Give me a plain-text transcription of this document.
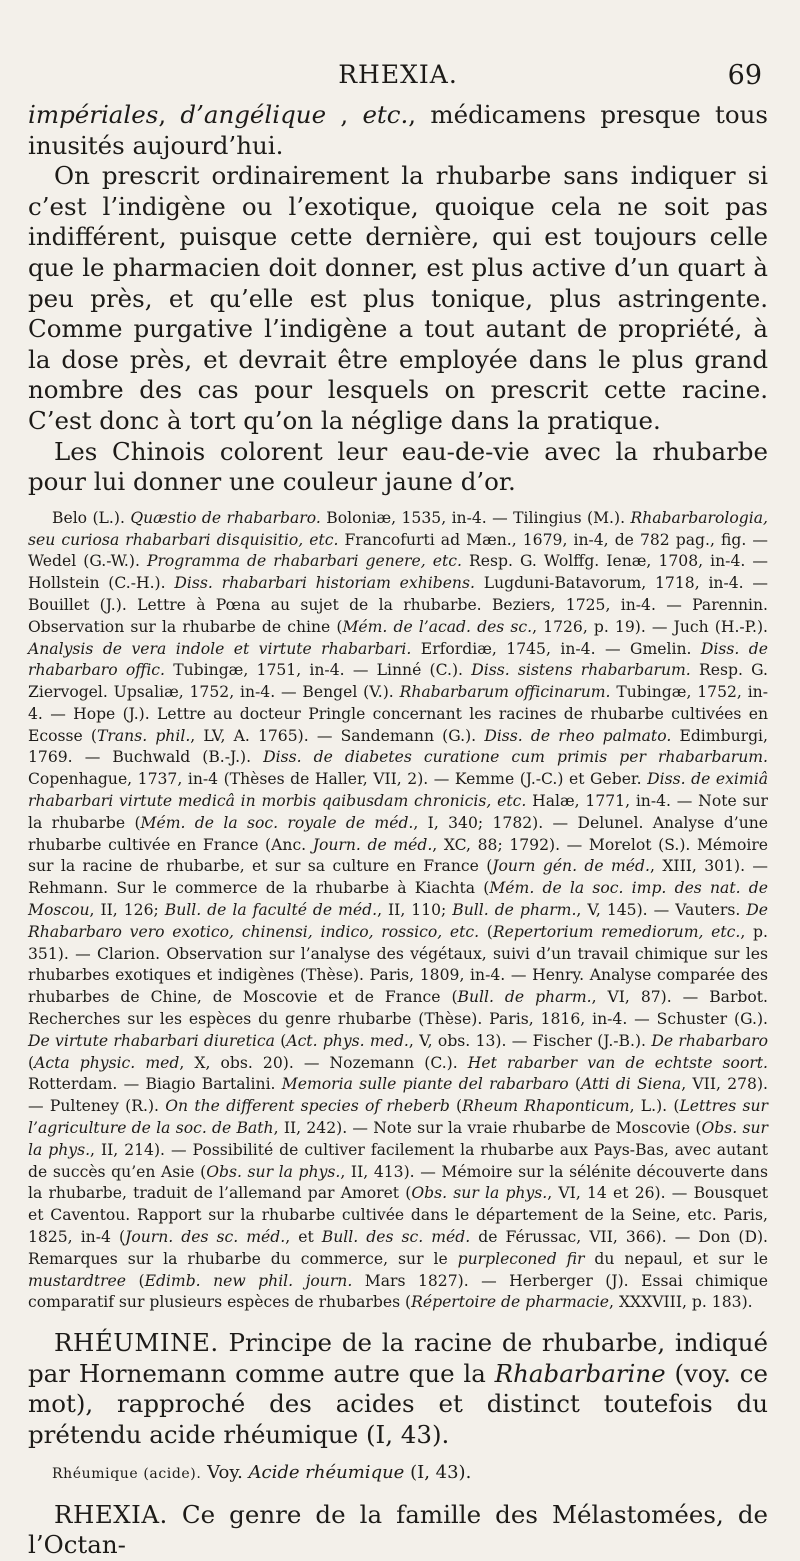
RHEXIA.	69

impériales, d’angélique , etc., médicamens presque tous inusités aujourd’hui.

On prescrit ordinairement la rhubarbe sans indiquer si c’est l’indigène ou l’exotique, quoique cela ne soit pas indifférent, puisque cette dernière, qui est toujours celle que le pharmacien doit donner, est plus active d’un quart à peu près, et qu’elle est plus tonique, plus astringente. Comme purgative l’indigène a tout autant de propriété, à la dose près, et devrait être employée dans le plus grand nombre des cas pour lesquels on prescrit cette racine. C’est donc à tort qu’on la néglige dans la pratique.

Les Chinois colorent leur eau-de-vie avec la rhubarbe pour lui donner une couleur jaune d’or.

Belo (L.). Quæstio de rhabarbaro. Boloniæ, 1535, in-4. — Tilingius (M.). Rhabarbarologia, seu curiosa rhabarbari disquisitio, etc. Francofurti ad Mæn., 1679, in-4, de 782 pag., fig. — Wedel (G.-W.). Programma de rhabarbari genere, etc. Resp. G. Wolffg. Ienæ, 1708, in-4. — Hollstein (C.-H.). Diss. rhabarbari historiam exhibens. Lugduni-Batavorum, 1718, in-4. — Bouillet (J.). Lettre à Pœna au sujet de la rhubarbe. Beziers, 1725, in-4. — Parennin. Observation sur la rhubarbe de chine (Mém. de l’acad. des sc., 1726, p. 19). — Juch (H.-P.). Analysis de vera indole et virtute rhabarbari. Erfordiæ, 1745, in-4. — Gmelin. Diss. de rhabarbaro offic. Tubingæ, 1751, in-4. — Linné (C.). Diss. sistens rhabarbarum. Resp. G. Ziervogel. Upsaliæ, 1752, in-4. — Bengel (V.). Rhabarbarum officinarum. Tubingæ, 1752, in-4. — Hope (J.). Lettre au docteur Pringle concernant les racines de rhubarbe cultivées en Ecosse (Trans. phil., LV, A. 1765). — Sandemann (G.). Diss. de rheo palmato. Edimburgi, 1769. — Buchwald (B.-J.). Diss. de diabetes curatione cum primis per rhabarbarum. Copenhague, 1737, in-4 (Thèses de Haller, VII, 2). — Kemme (J.-C.) et Geber. Diss. de eximiâ rhabarbari virtute medicâ in morbis qaibusdam chronicis, etc. Halæ, 1771, in-4. — Note sur la rhubarbe (Mém. de la soc. royale de méd., I, 340; 1782). — Delunel. Analyse d’une rhubarbe cultivée en France (Anc. Journ. de méd., XC, 88; 1792). — Morelot (S.). Mémoire sur la racine de rhubarbe, et sur sa culture en France (Journ gén. de méd., XIII, 301). — Rehmann. Sur le commerce de la rhubarbe à Kiachta (Mém. de la soc. imp. des nat. de Moscou, II, 126; Bull. de la faculté de méd., II, 110; Bull. de pharm., V, 145). — Vauters. De Rhabarbaro vero exotico, chinensi, indico, rossico, etc. (Repertorium remediorum, etc., p. 351). — Clarion. Observation sur l’analyse des végétaux, suivi d’un travail chimique sur les rhubarbes exotiques et indigènes (Thèse). Paris, 1809, in-4. — Henry. Analyse comparée des rhubarbes de Chine, de Moscovie et de France (Bull. de pharm., VI, 87). — Barbot. Recherches sur les espèces du genre rhubarbe (Thèse). Paris, 1816, in-4. — Schuster (G.). De virtute rhabarbari diuretica (Act. phys. med., V, obs. 13). — Fischer (J.-B.). De rhabarbaro (Acta physic. med, X, obs. 20). — Nozemann (C.). Het rabarber van de echtste soort. Rotterdam. — Biagio Bartalini. Memoria sulle piante del rabarbaro (Atti di Siena, VII, 278). — Pulteney (R.). On the different species of rheberb (Rheum Rhaponticum, L.). (Lettres sur l’agriculture de la soc. de Bath, II, 242). — Note sur la vraie rhubarbe de Moscovie (Obs. sur la phys., II, 214). — Possibilité de cultiver facilement la rhubarbe aux Pays-Bas, avec autant de succès qu’en Asie (Obs. sur la phys., II, 413). — Mémoire sur la sélénite découverte dans la rhubarbe, traduit de l’allemand par Amoret (Obs. sur la phys., VI, 14 et 26). — Bousquet et Caventou. Rapport sur la rhubarbe cultivée dans le département de la Seine, etc. Paris, 1825, in-4 (Journ. des sc. méd., et Bull. des sc. méd. de Férussac, VII, 366). — Don (D). Remarques sur la rhubarbe du commerce, sur le purpleconed fir du nepaul, et sur le mustardtree (Edimb. new phil. journ. Mars 1827). — Herberger (J). Essai chimique comparatif sur plusieurs espèces de rhubarbes (Répertoire de pharmacie, XXXVIII, p. 183).

RHÉUMINE. Principe de la racine de rhubarbe, indiqué par Hornemann comme autre que la Rhabarbarine (voy. ce mot), rapproché des acides et distinct toutefois du prétendu acide rhéumique (I, 43).

Rhéumique (acide). Voy. Acide rhéumique (I, 43).

RHEXIA. Ce genre de la famille des Mélastomées, de l’Octan-
